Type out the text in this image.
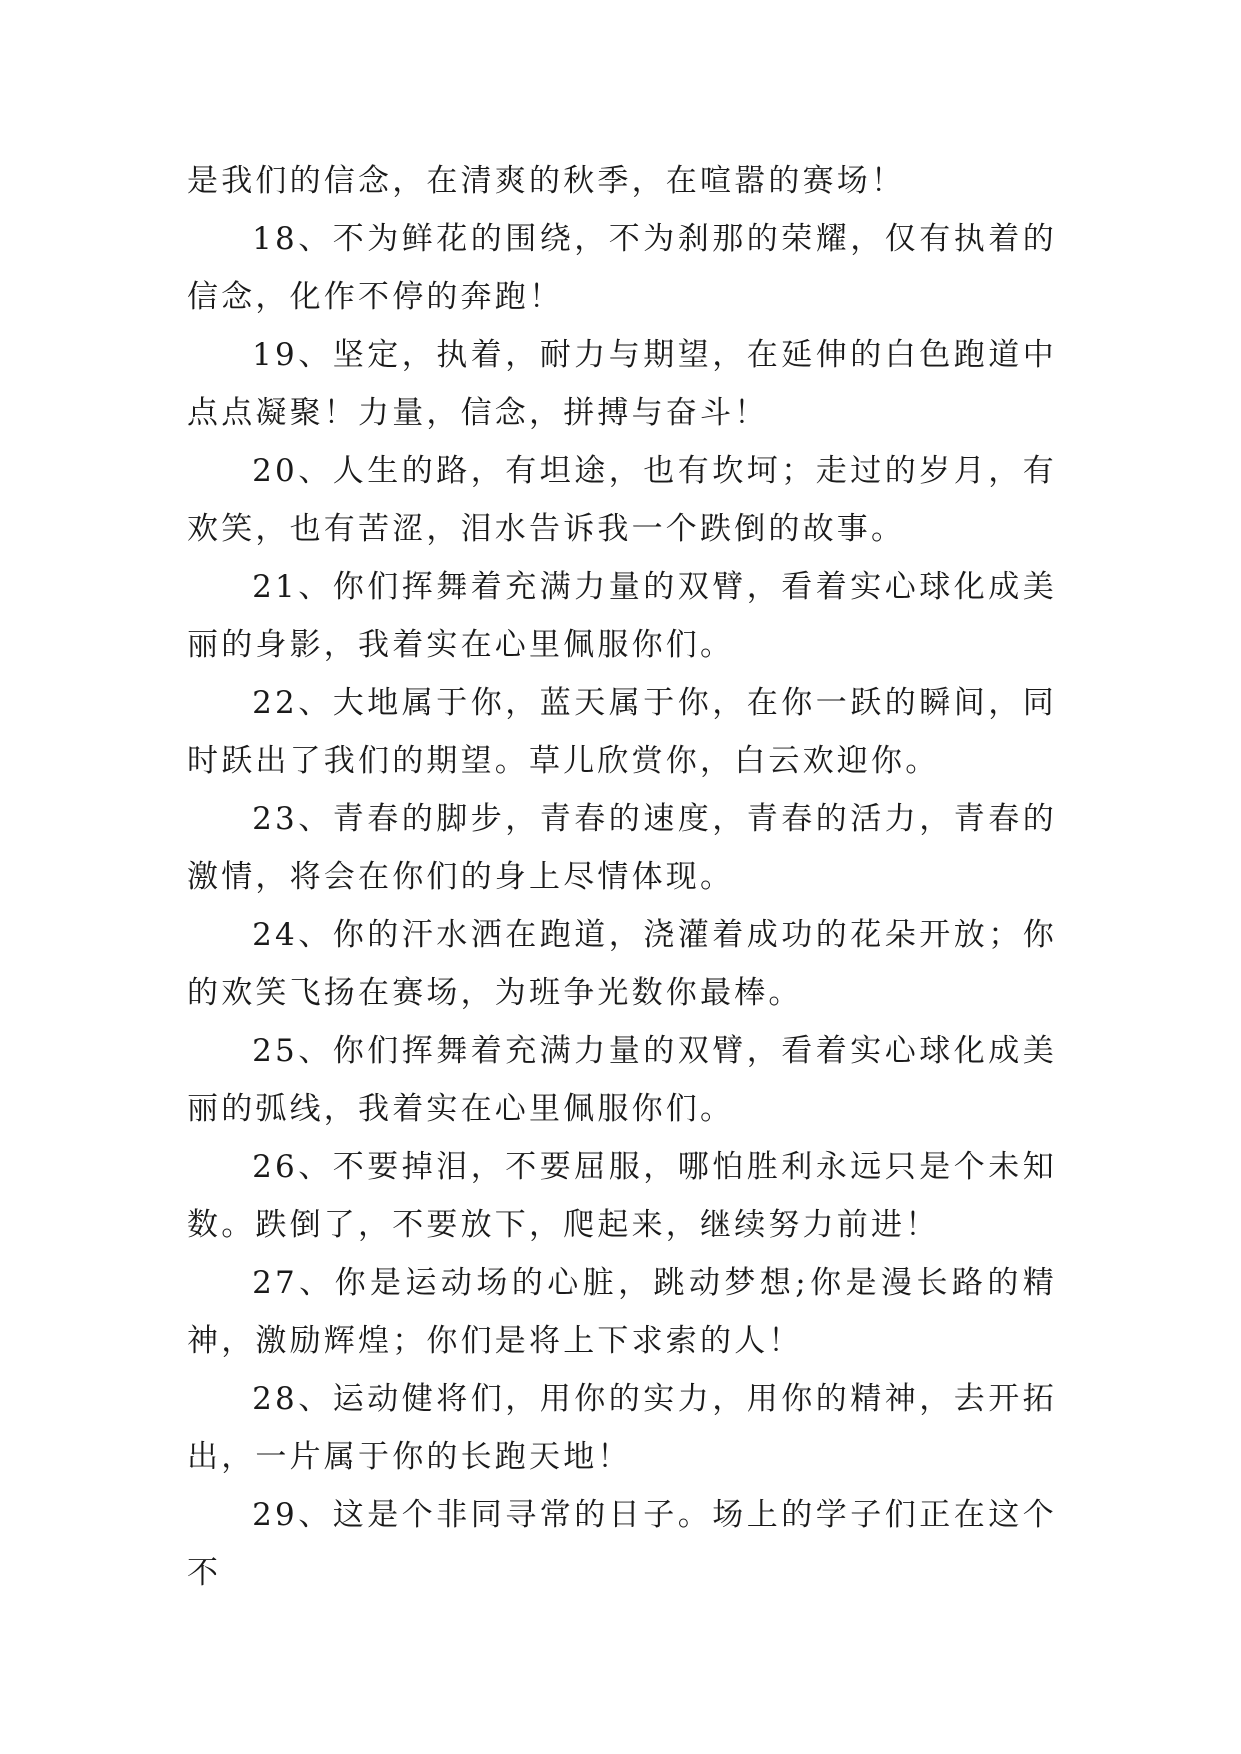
是我们的信念，在清爽的秋季，在喧嚣的赛场！

18、不为鲜花的围绕，不为刹那的荣耀，仅有执着的信念，化作不停的奔跑！

19、坚定，执着，耐力与期望，在延伸的白色跑道中点点凝聚！力量，信念，拼搏与奋斗！

20、人生的路，有坦途，也有坎坷；走过的岁月，有欢笑，也有苦涩，泪水告诉我一个跌倒的故事。

21、你们挥舞着充满力量的双臂，看着实心球化成美丽的身影，我着实在心里佩服你们。

22、大地属于你，蓝天属于你，在你一跃的瞬间，同时跃出了我们的期望。草儿欣赏你，白云欢迎你。

23、青春的脚步，青春的速度，青春的活力，青春的激情，将会在你们的身上尽情体现。

24、你的汗水洒在跑道，浇灌着成功的花朵开放；你的欢笑飞扬在赛场，为班争光数你最棒。

25、你们挥舞着充满力量的双臂，看着实心球化成美丽的弧线，我着实在心里佩服你们。

26、不要掉泪，不要屈服，哪怕胜利永远只是个未知数。跌倒了，不要放下，爬起来，继续努力前进！

27、你是运动场的心脏，跳动梦想;你是漫长路的精神，激励辉煌；你们是将上下求索的人！

28、运动健将们，用你的实力，用你的精神，去开拓出，一片属于你的长跑天地！

29、这是个非同寻常的日子。场上的学子们正在这个不
